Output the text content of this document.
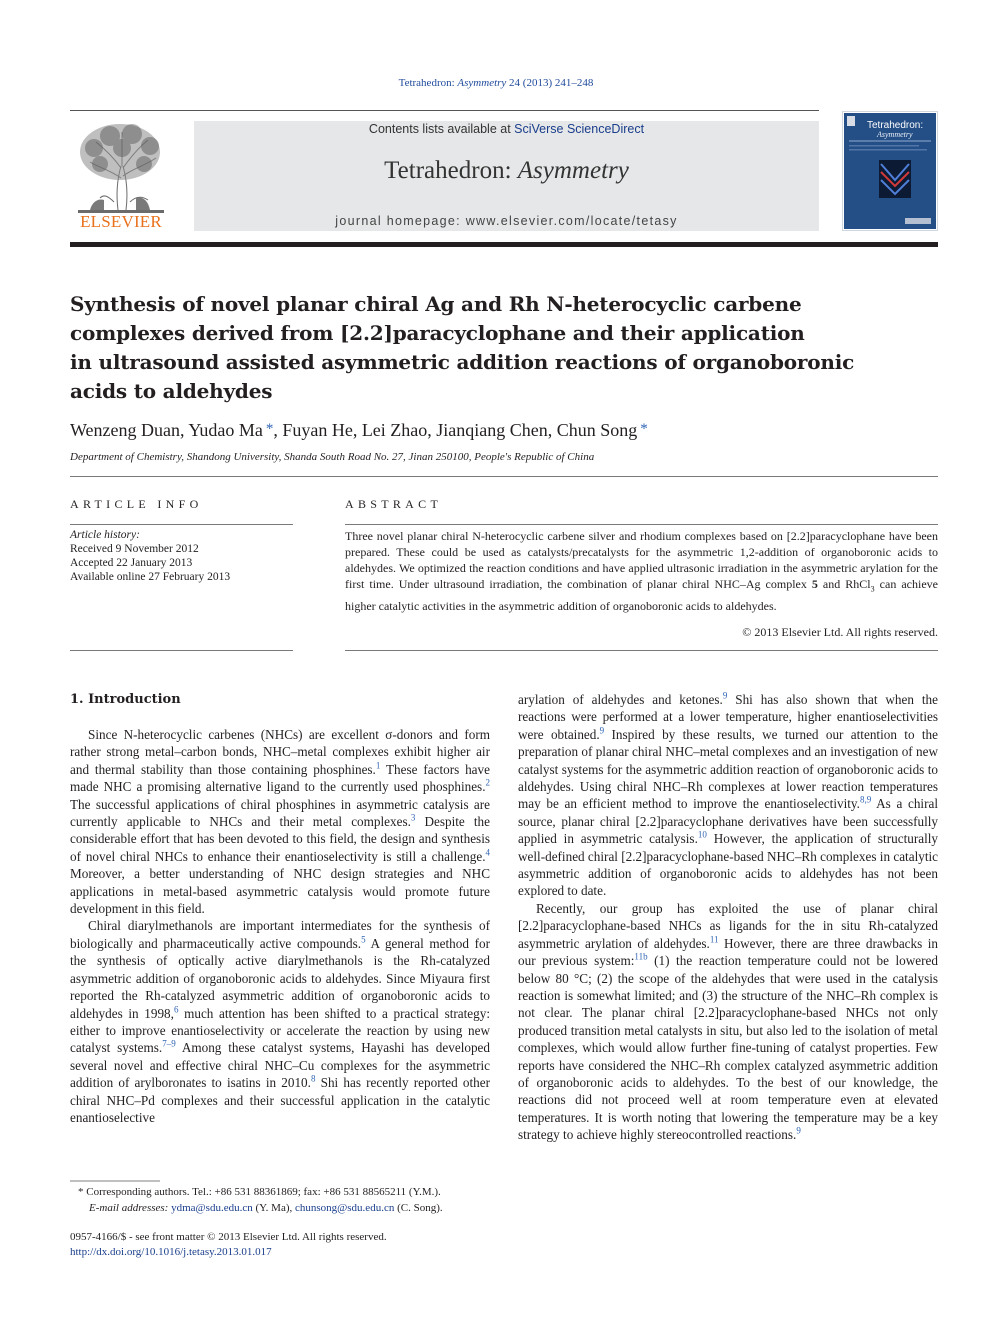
Tetrahedron: Asymmetry 24 (2013) 241–248
ELSEVIER
Contents lists available at SciVerse ScienceDirect
Tetrahedron: Asymmetry
journal homepage: www.elsevier.com/locate/tetasy
Tetrahedron:
Asymmetry
Synthesis of novel planar chiral Ag and Rh N-heterocyclic carbene
complexes derived from [2.2]paracyclophane and their application
in ultrasound assisted asymmetric addition reactions of organoboronic
acids to aldehydes
Wenzeng Duan, Yudao Ma *, Fuyan He, Lei Zhao, Jianqiang Chen, Chun Song *
Department of Chemistry, Shandong University, Shanda South Road No. 27, Jinan 250100, People's Republic of China
ARTICLE INFO
Article history:
Received 9 November 2012
Accepted 22 January 2013
Available online 27 February 2013
ABSTRACT
Three novel planar chiral N-heterocyclic carbene silver and rhodium complexes based on [2.2]paracyclophane have been prepared. These could be used as catalysts/precatalysts for the asymmetric 1,2-addition of organoboronic acids to aldehydes. We optimized the reaction conditions and have applied ultrasonic irradiation in the asymmetric arylation for the first time. Under ultrasound irradiation, the combination of planar chiral NHC–Ag complex 5 and RhCl$_3$ can achieve higher catalytic activities in the asymmetric addition of organoboronic acids to aldehydes.
© 2013 Elsevier Ltd. All rights reserved.
1. Introduction

Since N-heterocyclic carbenes (NHCs) are excellent σ-donors and form rather strong metal–carbon bonds, NHC–metal complexes exhibit higher air and thermal stability than those containing phosphines.$^1$ These factors have made NHC a promising alternative ligand to the currently used phosphines.$^2$ The successful applications of chiral phosphines in asymmetric catalysis are currently applicable to NHCs and their metal complexes.$^3$ Despite the considerable effort that has been devoted to this field, the design and synthesis of novel chiral NHCs to enhance their enantioselectivity is still a challenge.$^4$ Moreover, a better understanding of NHC design strategies and NHC applications in metal-based asymmetric catalysis would promote future development in this field.

Chiral diarylmethanols are important intermediates for the synthesis of biologically and pharmaceutically active compounds.$^5$ A general method for the synthesis of optically active diarylmethanols is the Rh-catalyzed asymmetric addition of organoboronic acids to aldehydes. Since Miyaura first reported the Rh-catalyzed asymmetric addition of organoboronic acids to aldehydes in 1998,$^6$ much attention has been shifted to a practical strategy: either to improve enantioselectivity or accelerate the reaction by using new catalyst systems.$^{7-9}$ Among these catalyst systems, Hayashi has developed several novel and effective chiral NHC–Cu complexes for the asymmetric addition of arylboronates to isatins in 2010.$^8$ Shi has recently reported other chiral NHC–Pd complexes and their successful application in the catalytic enantioselective

arylation of aldehydes and ketones.$^9$ Shi has also shown that when the reactions were performed at a lower temperature, higher enantioselectivities were obtained.$^9$ Inspired by these results, we turned our attention to the preparation of planar chiral NHC–metal complexes and an investigation of new catalyst systems for the asymmetric addition reaction of organoboronic acids to aldehydes. Using chiral NHC–Rh complexes at lower reaction temperatures may be an efficient method to improve the enantioselectivity.$^{8,9}$ As a chiral source, planar chiral [2.2]paracyclophane derivatives have been successfully applied in asymmetric catalysis.$^{10}$ However, the application of structurally well-defined chiral [2.2]paracyclophane-based NHC–Rh complexes in catalytic asymmetric addition of organoboronic acids to aldehydes has not been explored to date.

Recently, our group has exploited the use of planar chiral [2.2]paracyclophane-based NHCs as ligands for the in situ Rh-catalyzed asymmetric arylation of aldehydes.$^{11}$ However, there are three drawbacks in our previous system:$^{11b}$ (1) the reaction temperature could not be lowered below 80 °C; (2) the scope of the aldehydes that were used in the catalysis reaction is somewhat limited; and (3) the structure of the NHC–Rh complex is not clear. The planar chiral [2.2]paracyclophane-based NHCs not only produced transition metal catalysts in situ, but also led to the isolation of metal complexes, which would allow further fine-tuning of catalyst properties. Few reports have considered the NHC–Rh complex catalyzed asymmetric addition of organoboronic acids to aldehydes. To the best of our knowledge, the reactions did not proceed well at room temperature even at elevated temperatures. It is worth noting that lowering the temperature may be a key strategy to achieve highly stereocontrolled reactions.$^9$

* Corresponding authors. Tel.: +86 531 88361869; fax: +86 531 88565211 (Y.M.).
E-mail addresses: ydma@sdu.edu.cn (Y. Ma), chunsong@sdu.edu.cn (C. Song).
0957-4166/$ - see front matter © 2013 Elsevier Ltd. All rights reserved.
http://dx.doi.org/10.1016/j.tetasy.2013.01.017
